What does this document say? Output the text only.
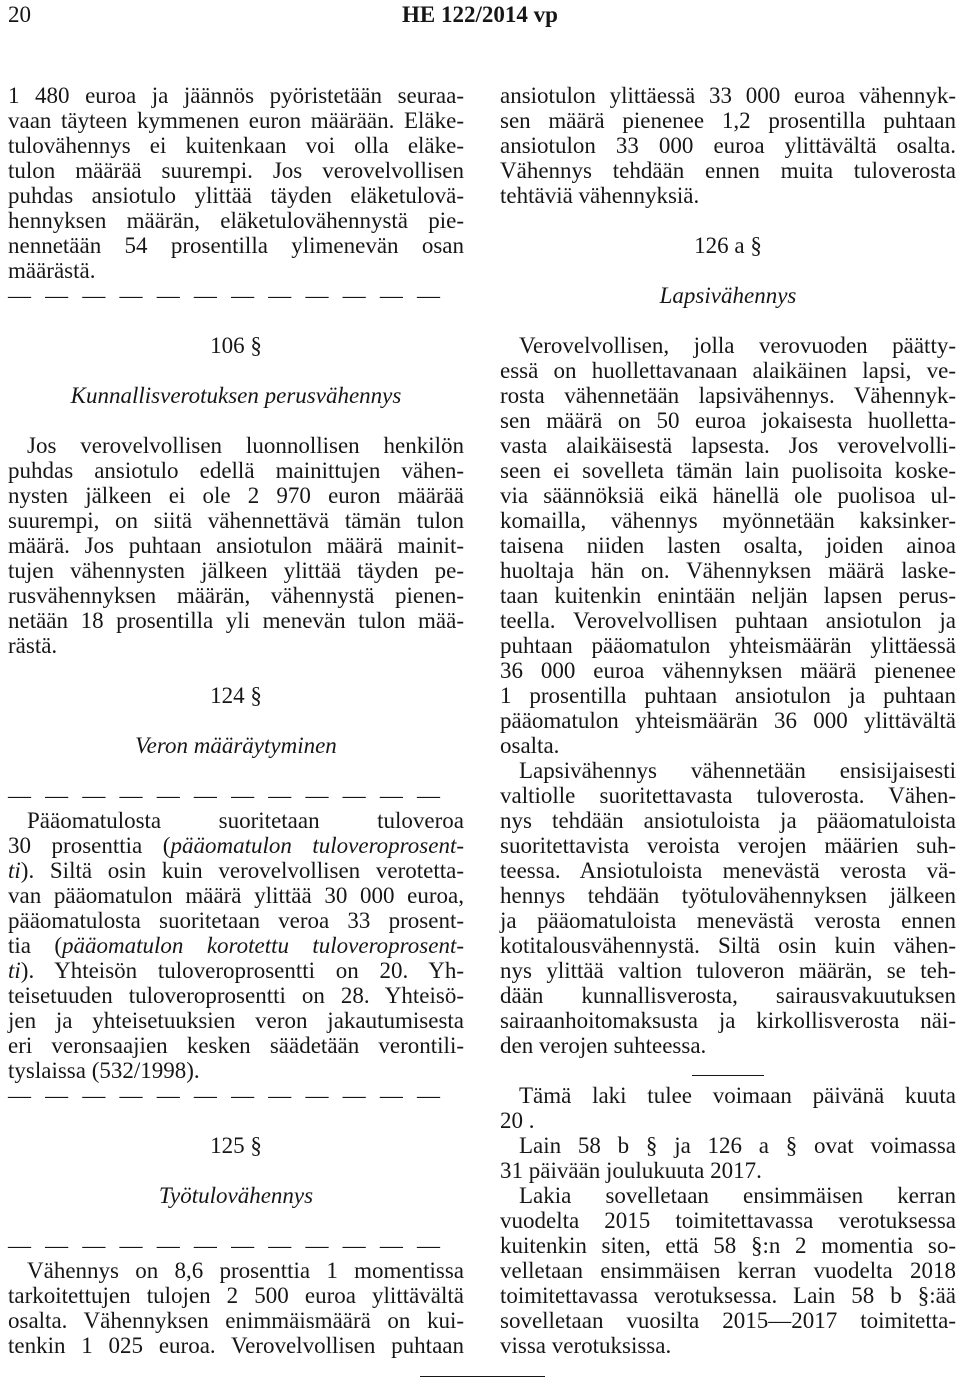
20	HE 122/2014 vp
1 480 euroa ja jäännös pyöristetään seuraa-
vaan täyteen kymmenen euron määrään. Eläke-
tulovähennys ei kuitenkaan voi olla eläke-
tulon määrää suurempi. Jos verovelvollisen
puhdas ansiotulo ylittää täyden eläketulovä-
hennyksen määrän, eläketulovähennystä pie-
nennetään 54 prosentilla ylimenevän osan
määrästä.
— — — — — — — — — — — —
106 §
Kunnallisverotuksen perusvähennys
Jos verovelvollisen luonnollisen henkilön
puhdas ansiotulo edellä mainittujen vähen-
nysten jälkeen ei ole 2 970 euron määrää
suurempi, on siitä vähennettävä tämän tulon
määrä. Jos puhtaan ansiotulon määrä mainit-
tujen vähennysten jälkeen ylittää täyden pe-
rusvähennyksen määrän, vähennystä pienen-
netään 18 prosentilla yli menevän tulon mää-
rästä.
124 §
Veron määräytyminen
— — — — — — — — — — — —
Pääomatulosta suoritetaan tuloveroa
30 prosenttia (pääomatulon tuloveroprosent-
ti). Siltä osin kuin verovelvollisen verotetta-
van pääomatulon määrä ylittää 30 000 euroa,
pääomatulosta suoritetaan veroa 33 prosent-
tia (pääomatulon korotettu tuloveroprosent-
ti). Yhteisön tuloveroprosentti on 20. Yh-
teisetuuden tuloveroprosentti on 28. Yhteisö-
jen ja yhteisetuuksien veron jakautumisesta
eri veronsaajien kesken säädetään verontili-
tyslaissa (532/1998).
— — — — — — — — — — — —
125 §
Työtulovähennys
— — — — — — — — — — — —
Vähennys on 8,6 prosenttia 1 momentissa
tarkoitettujen tulojen 2 500 euroa ylittävältä
osalta. Vähennyksen enimmäismäärä on kui-
tenkin 1 025 euroa. Verovelvollisen puhtaan
ansiotulon ylittäessä 33 000 euroa vähennyk-
sen määrä pienenee 1,2 prosentilla puhtaan
ansiotulon 33 000 euroa ylittävältä osalta.
Vähennys tehdään ennen muita tuloverosta
tehtäviä vähennyksiä.
126 a §
Lapsivähennys
Verovelvollisen, jolla verovuoden päätty-
essä on huollettavanaan alaikäinen lapsi, ve-
rosta vähennetään lapsivähennys. Vähennyk-
sen määrä on 50 euroa jokaisesta huolletta-
vasta alaikäisestä lapsesta. Jos verovelvolli-
seen ei sovelleta tämän lain puolisoita koske-
via säännöksiä eikä hänellä ole puolisoa ul-
komailla, vähennys myönnetään kaksinker-
taisena niiden lasten osalta, joiden ainoa
huoltaja hän on. Vähennyksen määrä laske-
taan kuitenkin enintään neljän lapsen perus-
teella. Verovelvollisen puhtaan ansiotulon ja
puhtaan pääomatulon yhteismäärän ylittäessä
36 000 euroa vähennyksen määrä pienenee
1 prosentilla puhtaan ansiotulon ja puhtaan
pääomatulon yhteismäärän 36 000 ylittävältä
osalta.
Lapsivähennys vähennetään ensisijaisesti
valtiolle suoritettavasta tuloverosta. Vähen-
nys tehdään ansiotuloista ja pääomatuloista
suoritettavista veroista verojen määrien suh-
teessa. Ansiotuloista menevästä verosta vä-
hennys tehdään työtulovähennyksen jälkeen
ja pääomatuloista menevästä verosta ennen
kotitalousvähennystä. Siltä osin kuin vähen-
nys ylittää valtion tuloveron määrän, se teh-
dään kunnallisverosta, sairausvakuutuksen
sairaanhoitomaksusta ja kirkollisverosta näi-
den verojen suhteessa.
Tämä laki tulee voimaan päivänä kuuta
20 .
Lain 58 b § ja 126 a § ovat voimassa
31 päivään joulukuuta 2017.
Lakia sovelletaan ensimmäisen kerran
vuodelta 2015 toimitettavassa verotuksessa
kuitenkin siten, että 58 §:n 2 momentia so-
velletaan ensimmäisen kerran vuodelta 2018
toimitettavassa verotuksessa. Lain 58 b §:ää
sovelletaan vuosilta 2015—2017 toimitetta-
vissa verotuksissa.
